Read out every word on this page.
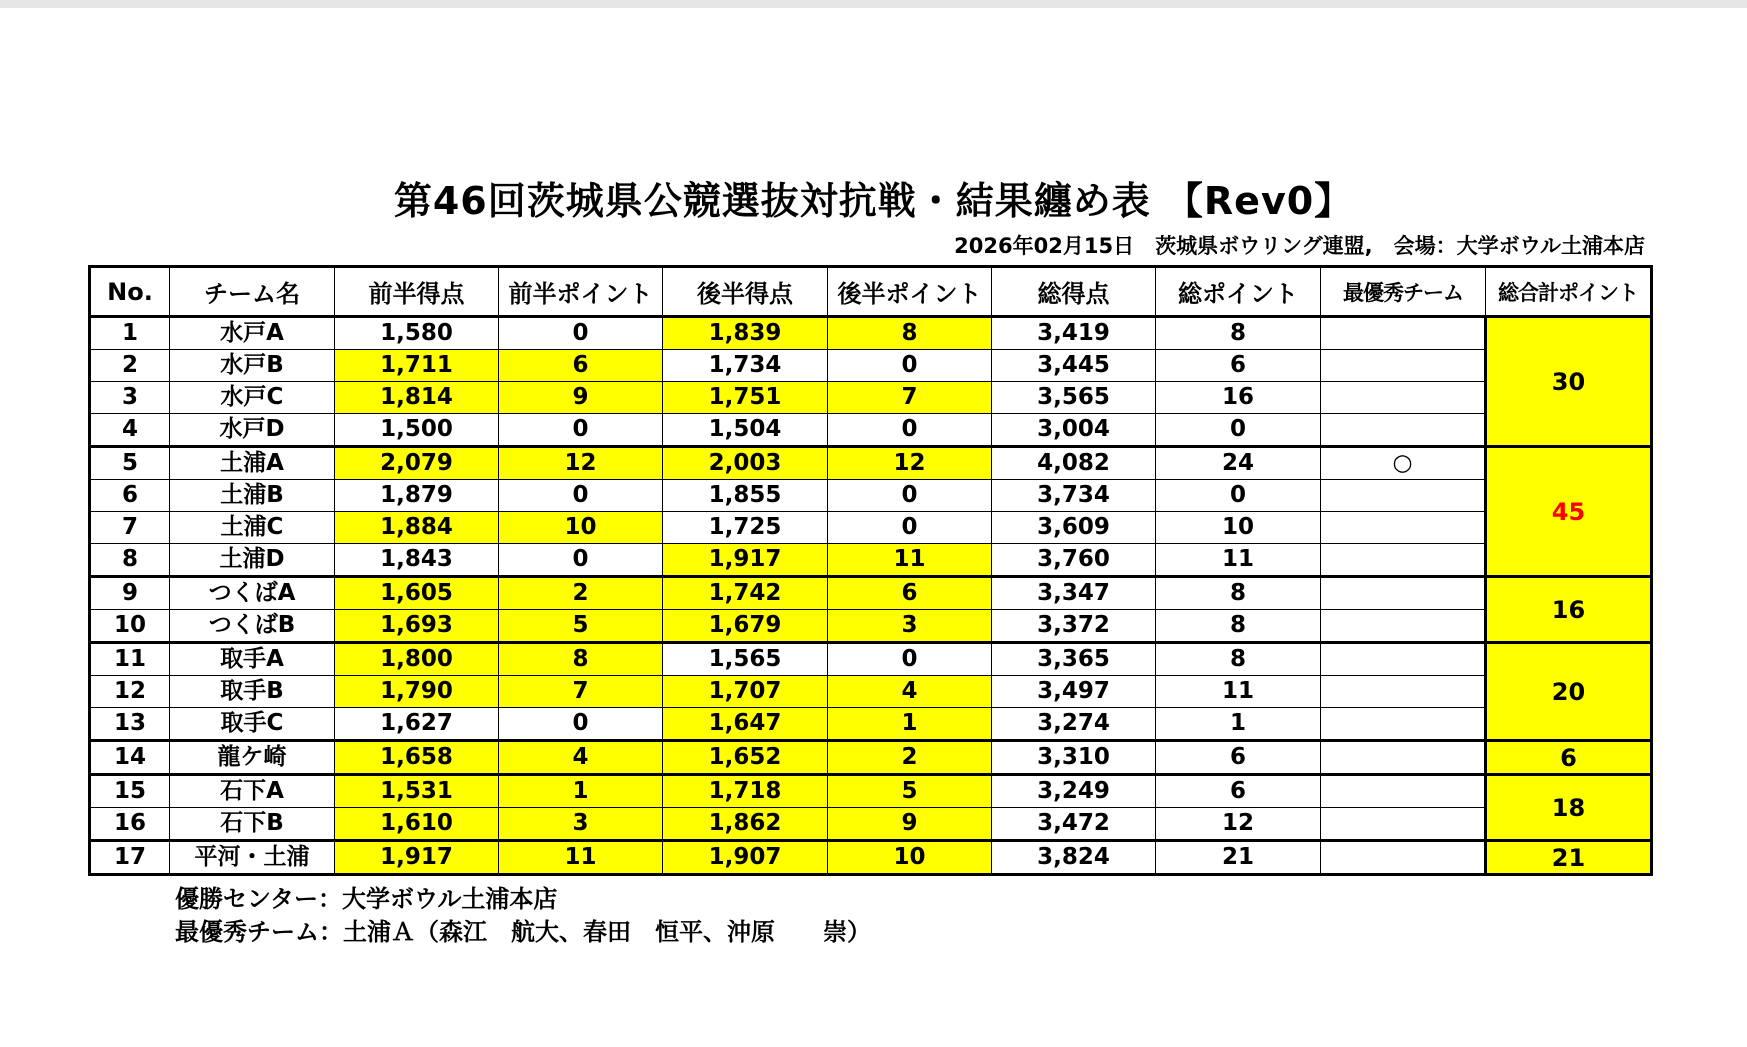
第46回茨城県公競選抜対抗戦・結果纏め表 【Rev0】
2026年02月15日　茨城県ボウリング連盟,　会場：大学ボウル土浦本店
No.	チーム名	前半得点	前半ポイント	後半得点	後半ポイント	総得点	総ポイント	最優秀チーム	総合計ポイント
1	水戸A	1,580	0	1,839	8	3,419	8		30
2	水戸B	1,711	6	1,734	0	3,445	6		
3	水戸C	1,814	9	1,751	7	3,565	16		
4	水戸D	1,500	0	1,504	0	3,004	0		
5	土浦A	2,079	12	2,003	12	4,082	24	○	45
6	土浦B	1,879	0	1,855	0	3,734	0		
7	土浦C	1,884	10	1,725	0	3,609	10		
8	土浦D	1,843	0	1,917	11	3,760	11		
9	つくばA	1,605	2	1,742	6	3,347	8		16
10	つくばB	1,693	5	1,679	3	3,372	8		
11	取手A	1,800	8	1,565	0	3,365	8		20
12	取手B	1,790	7	1,707	4	3,497	11		
13	取手C	1,627	0	1,647	1	3,274	1		
14	龍ケ崎	1,658	4	1,652	2	3,310	6		6
15	石下A	1,531	1	1,718	5	3,249	6		18
16	石下B	1,610	3	1,862	9	3,472	12		
17	平河・土浦	1,917	11	1,907	10	3,824	21		21
優勝センター：大学ボウル土浦本店
最優秀チーム：土浦Ａ（森江　航大、春田　恒平、沖原　　崇）
